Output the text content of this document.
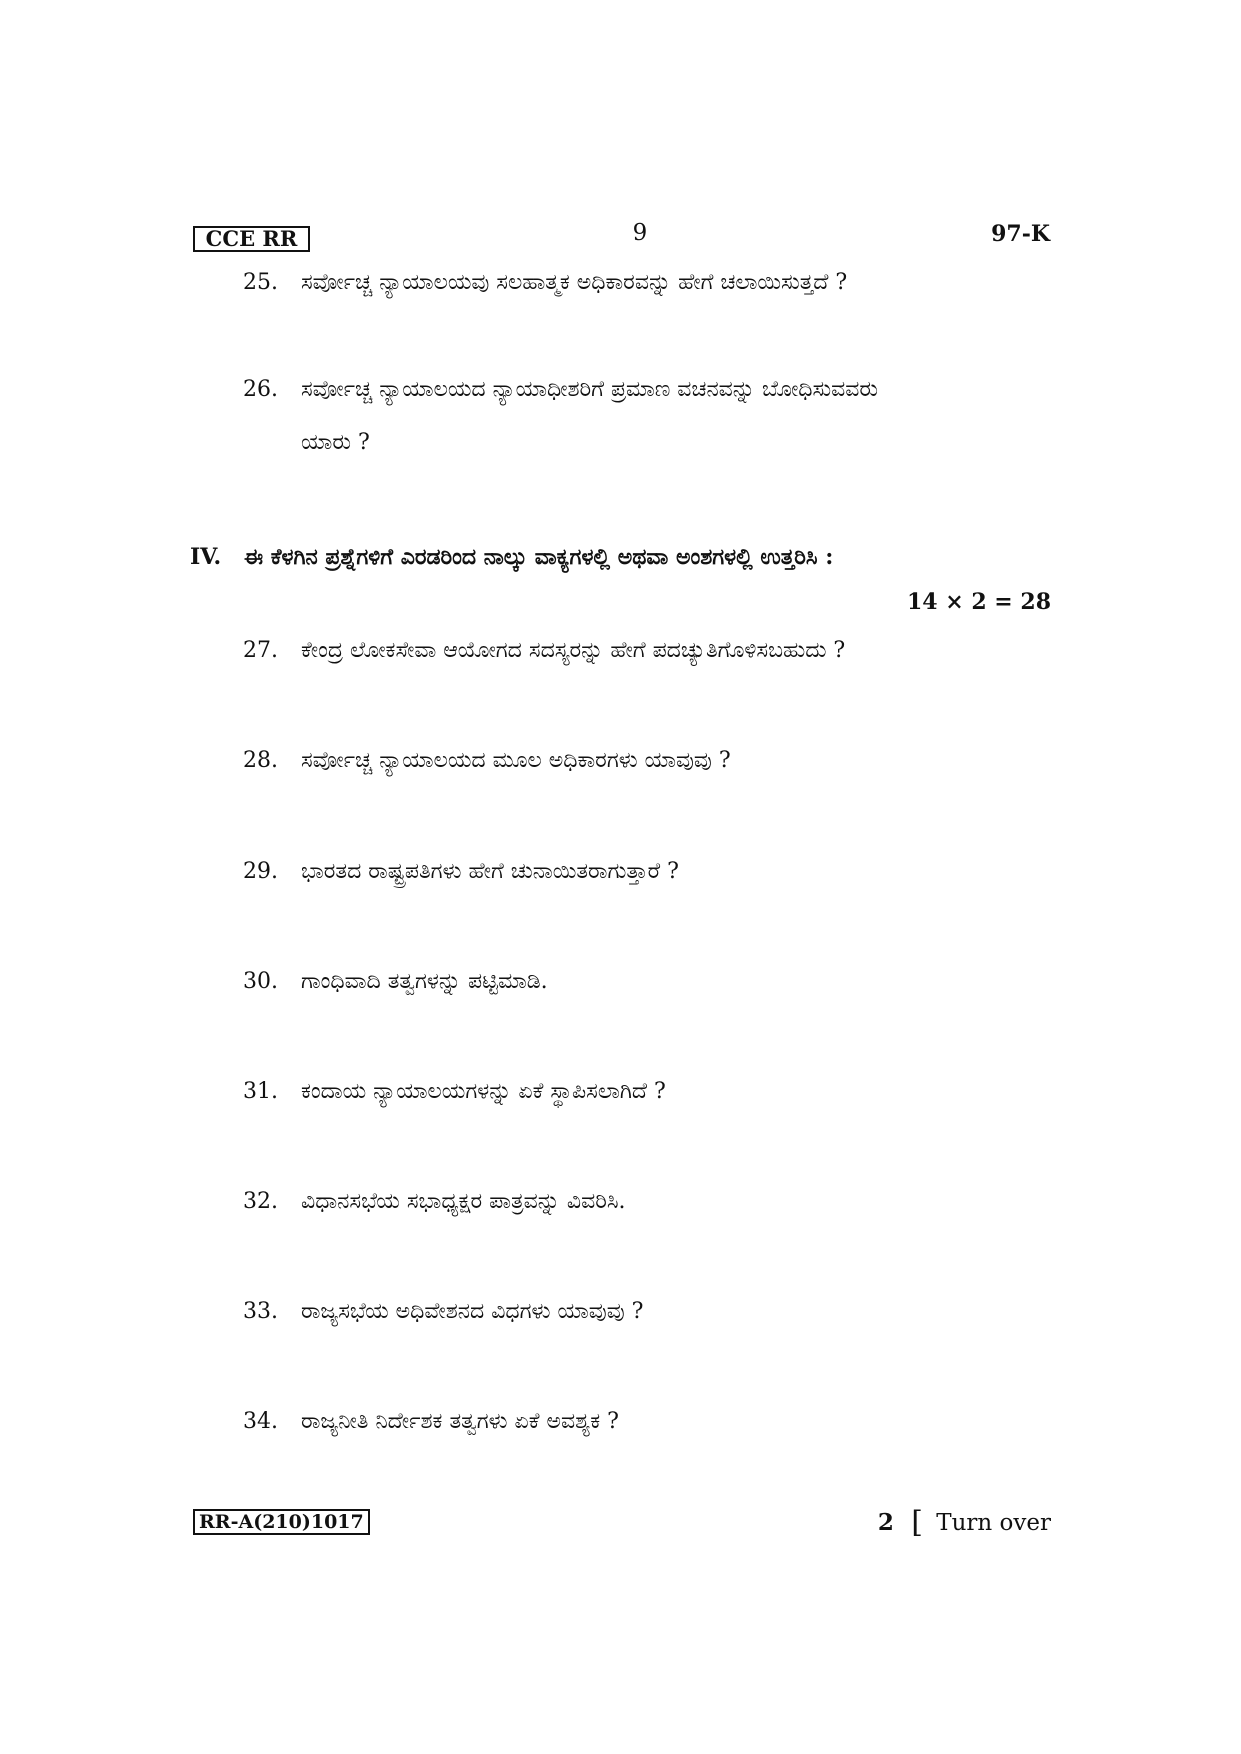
CCE RR	9	97-K
25.	ಸರ್ವೋಚ್ಚ ನ್ಯಾಯಾಲಯವು ಸಲಹಾತ್ಮಕ ಅಧಿಕಾರವನ್ನು ಹೇಗೆ ಚಲಾಯಿಸುತ್ತದೆ ?
26.	ಸರ್ವೋಚ್ಚ ನ್ಯಾಯಾಲಯದ ನ್ಯಾಯಾಧೀಶರಿಗೆ ಪ್ರಮಾಣ ವಚನವನ್ನು ಬೋಧಿಸುವವರು
ಯಾರು ?
IV. ಈ ಕೆಳಗಿನ ಪ್ರಶ್ನೆಗಳಿಗೆ ಎರಡರಿಂದ ನಾಲ್ಕು ವಾಕ್ಯಗಳಲ್ಲಿ ಅಥವಾ ಅಂಶಗಳಲ್ಲಿ ಉತ್ತರಿಸಿ :
14 × 2 = 28
27.	ಕೇಂದ್ರ ಲೋಕಸೇವಾ ಆಯೋಗದ ಸದಸ್ಯರನ್ನು ಹೇಗೆ ಪದಚ್ಯುತಿಗೊಳಿಸಬಹುದು ?
28.	ಸರ್ವೋಚ್ಚ ನ್ಯಾಯಾಲಯದ ಮೂಲ ಅಧಿಕಾರಗಳು ಯಾವುವು ?
29.	ಭಾರತದ ರಾಷ್ಟ್ರಪತಿಗಳು ಹೇಗೆ ಚುನಾಯಿತರಾಗುತ್ತಾರೆ ?
30.	ಗಾಂಧಿವಾದಿ ತತ್ವಗಳನ್ನು ಪಟ್ಟಿಮಾಡಿ.
31.	ಕಂದಾಯ ನ್ಯಾಯಾಲಯಗಳನ್ನು ಏಕೆ ಸ್ಥಾಪಿಸಲಾಗಿದೆ ?
32.	ವಿಧಾನಸಭೆಯ ಸಭಾಧ್ಯಕ್ಷರ ಪಾತ್ರವನ್ನು ವಿವರಿಸಿ.
33.	ರಾಜ್ಯಸಭೆಯ ಅಧಿವೇಶನದ ವಿಧಗಳು ಯಾವುವು ?
34.	ರಾಜ್ಯನೀತಿ ನಿರ್ದೇಶಕ ತತ್ವಗಳು ಏಕೆ ಅವಶ್ಯಕ ?
RR-A(210)1017	2 [ Turn over
